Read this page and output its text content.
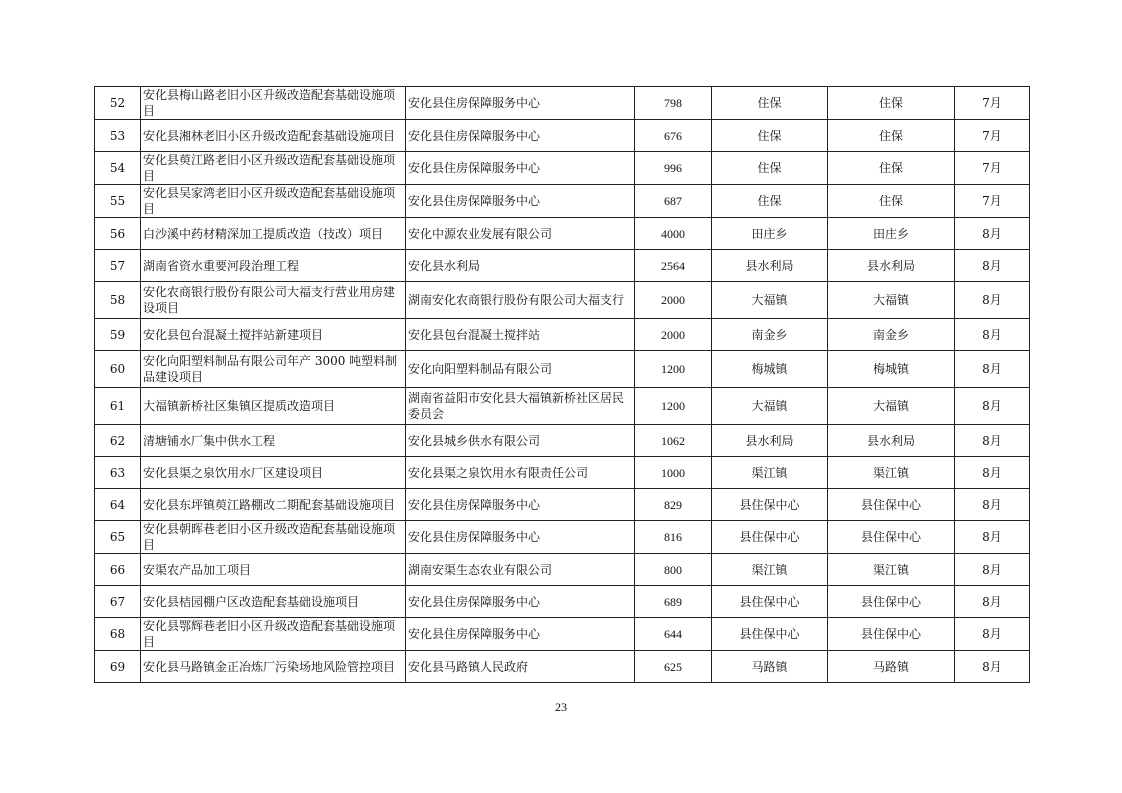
52	安化县梅山路老旧小区升级改造配套基础设施项目	安化县住房保障服务中心	798	住保	住保	7月
53	安化县湘林老旧小区升级改造配套基础设施项目	安化县住房保障服务中心	676	住保	住保	7月
54	安化县萸江路老旧小区升级改造配套基础设施项目	安化县住房保障服务中心	996	住保	住保	7月
55	安化县吴家湾老旧小区升级改造配套基础设施项目	安化县住房保障服务中心	687	住保	住保	7月
56	白沙溪中药材精深加工提质改造（技改）项目	安化中源农业发展有限公司	4000	田庄乡	田庄乡	8月
57	湖南省资水重要河段治理工程	安化县水利局	2564	县水利局	县水利局	8月
58	安化农商银行股份有限公司大福支行营业用房建设项目	湖南安化农商银行股份有限公司大福支行	2000	大福镇	大福镇	8月
59	安化县包台混凝土搅拌站新建项目	安化县包台混凝土搅拌站	2000	南金乡	南金乡	8月
60	安化向阳塑料制品有限公司年产 3000 吨塑料制品建设项目	安化向阳塑料制品有限公司	1200	梅城镇	梅城镇	8月
61	大福镇新桥社区集镇区提质改造项目	湖南省益阳市安化县大福镇新桥社区居民委员会	1200	大福镇	大福镇	8月
62	清塘铺水厂集中供水工程	安化县城乡供水有限公司	1062	县水利局	县水利局	8月
63	安化县渠之泉饮用水厂区建设项目	安化县渠之泉饮用水有限责任公司	1000	渠江镇	渠江镇	8月
64	安化县东坪镇萸江路棚改二期配套基础设施项目	安化县住房保障服务中心	829	县住保中心	县住保中心	8月
65	安化县朝晖巷老旧小区升级改造配套基础设施项目	安化县住房保障服务中心	816	县住保中心	县住保中心	8月
66	安渠农产品加工项目	湖南安渠生态农业有限公司	800	渠江镇	渠江镇	8月
67	安化县桔园棚户区改造配套基础设施项目	安化县住房保障服务中心	689	县住保中心	县住保中心	8月
68	安化县鄂辉巷老旧小区升级改造配套基础设施项目	安化县住房保障服务中心	644	县住保中心	县住保中心	8月
69	安化县马路镇金正冶炼厂污染场地风险管控项目	安化县马路镇人民政府	625	马路镇	马路镇	8月
23
